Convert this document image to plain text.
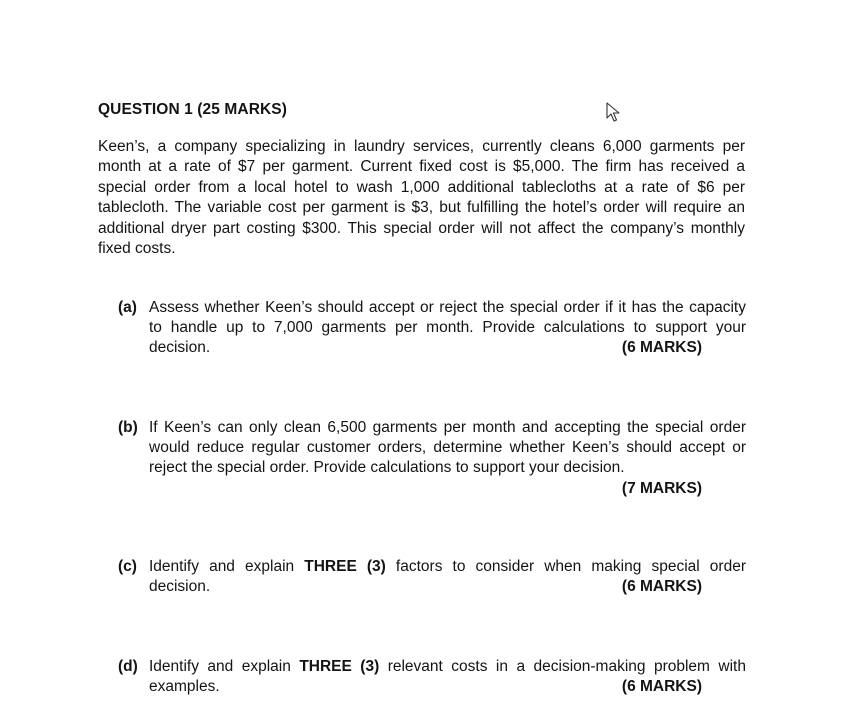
QUESTION 1 (25 MARKS)

Keen’s, a company specializing in laundry services, currently cleans 6,000 garments per month at a rate of $7 per garment. Current fixed cost is $5,000. The firm has received a special order from a local hotel to wash 1,000 additional tablecloths at a rate of $6 per tablecloth. The variable cost per garment is $3, but fulfilling the hotel’s order will require an additional dryer part costing $300. This special order will not affect the company’s monthly fixed costs.

(a) Assess whether Keen’s should accept or reject the special order if it has the capacity to handle up to 7,000 garments per month. Provide calculations to support your decision.	(6 MARKS)
(b) If Keen’s can only clean 6,500 garments per month and accepting the special order would reduce regular customer orders, determine whether Keen’s should accept or reject the special order. Provide calculations to support your decision.
(7 MARKS)
(c) Identify and explain THREE (3) factors to consider when making special order decision.	(6 MARKS)
(d) Identify and explain THREE (3) relevant costs in a decision-making problem with examples.	(6 MARKS)
